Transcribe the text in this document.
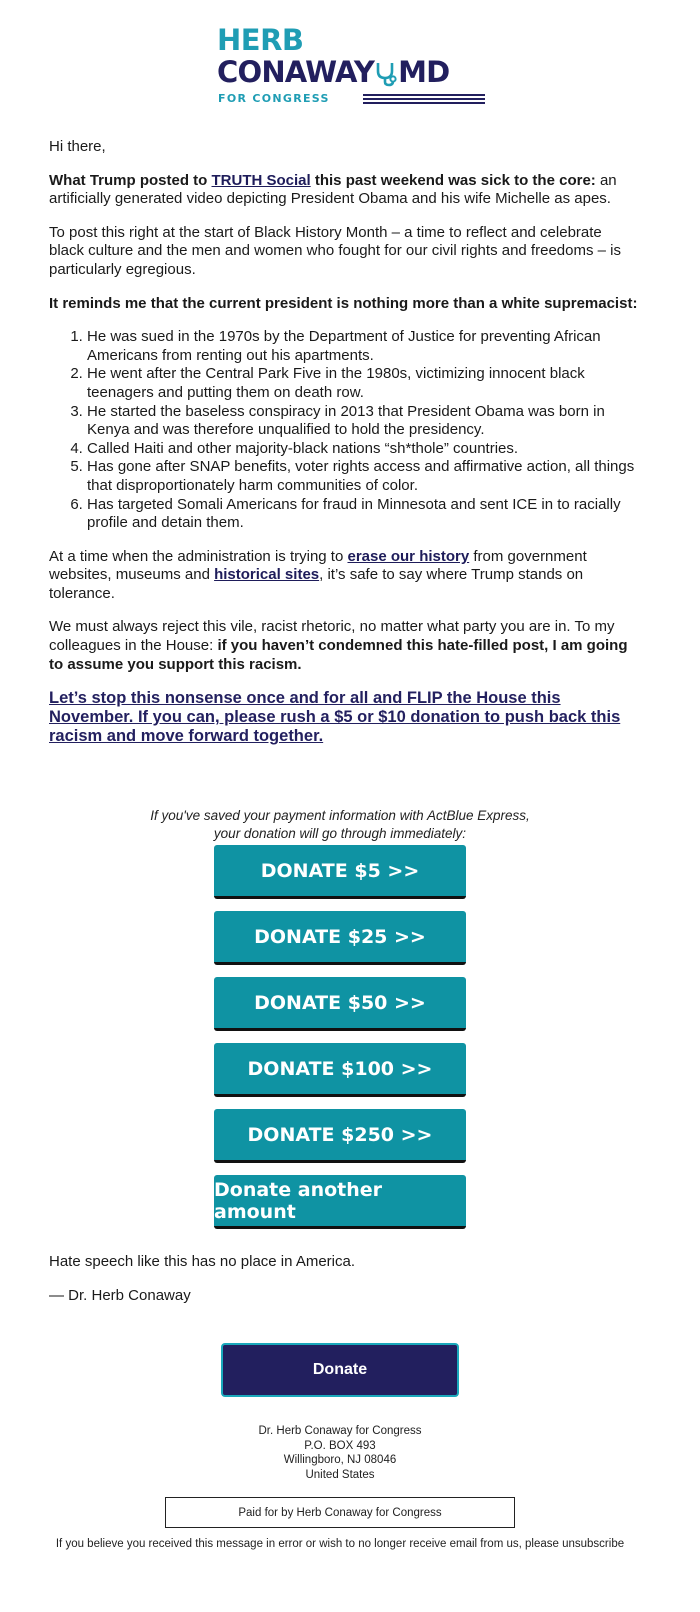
HERB
CONAWAY MD
FOR CONGRESS

Hi there,

What Trump posted to TRUTH Social this past weekend was sick to the core: an artificially generated video depicting President Obama and his wife Michelle as apes.

To post this right at the start of Black History Month – a time to reflect and celebrate black culture and the men and women who fought for our civil rights and freedoms – is particularly egregious.

It reminds me that the current president is nothing more than a white supremacist:

1. He was sued in the 1970s by the Department of Justice for preventing African Americans from renting out his apartments.
2. He went after the Central Park Five in the 1980s, victimizing innocent black teenagers and putting them on death row.
3. He started the baseless conspiracy in 2013 that President Obama was born in Kenya and was therefore unqualified to hold the presidency.
4. Called Haiti and other majority-black nations “sh*thole” countries.
5. Has gone after SNAP benefits, voter rights access and affirmative action, all things that disproportionately harm communities of color.
6. Has targeted Somali Americans for fraud in Minnesota and sent ICE in to racially profile and detain them.

At a time when the administration is trying to erase our history from government websites, museums and historical sites, it’s safe to say where Trump stands on tolerance.

We must always reject this vile, racist rhetoric, no matter what party you are in. To my colleagues in the House: if you haven’t condemned this hate-filled post, I am going to assume you support this racism.

Let’s stop this nonsense once and for all and FLIP the House this November. If you can, please rush a $5 or $10 donation to push back this racism and move forward together.

If you've saved your payment information with ActBlue Express,
your donation will go through immediately:
DONATE $5 >>
DONATE $25 >>
DONATE $50 >>
DONATE $100 >>
DONATE $250 >>
Donate another amount

Hate speech like this has no place in America.

— Dr. Herb Conaway

Donate
Dr. Herb Conaway for Congress
P.O. BOX 493
Willingboro, NJ 08046
United States
Paid for by Herb Conaway for Congress
If you believe you received this message in error or wish to no longer receive email from us, please unsubscribe
